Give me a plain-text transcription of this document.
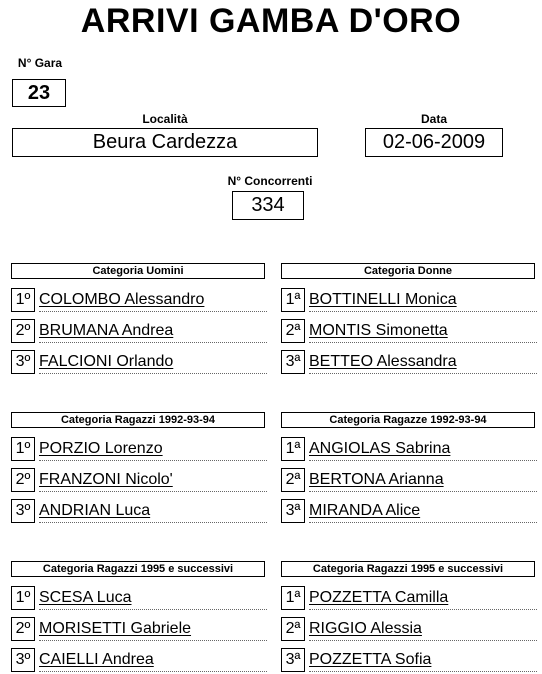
ARRIVI GAMBA D'ORO
N° Gara
23
Località
Beura Cardezza
Data
02-06-2009
N° Concorrenti
334
Categoria Uomini
1º COLOMBO Alessandro
2º BRUMANA Andrea
3º FALCIONI Orlando
Categoria Donne
1ª BOTTINELLI Monica
2ª MONTIS Simonetta
3ª BETTEO Alessandra
Categoria Ragazzi 1992-93-94
1º PORZIO Lorenzo
2º FRANZONI Nicolo'
3º ANDRIAN Luca
Categoria Ragazze 1992-93-94
1ª ANGIOLAS Sabrina
2ª BERTONA Arianna
3ª MIRANDA Alice
Categoria Ragazzi 1995 e successivi
1º SCESA Luca
2º MORISETTI Gabriele
3º CAIELLI Andrea
Categoria Ragazzi 1995 e successivi
1ª POZZETTA Camilla
2ª RIGGIO Alessia
3ª POZZETTA Sofia
